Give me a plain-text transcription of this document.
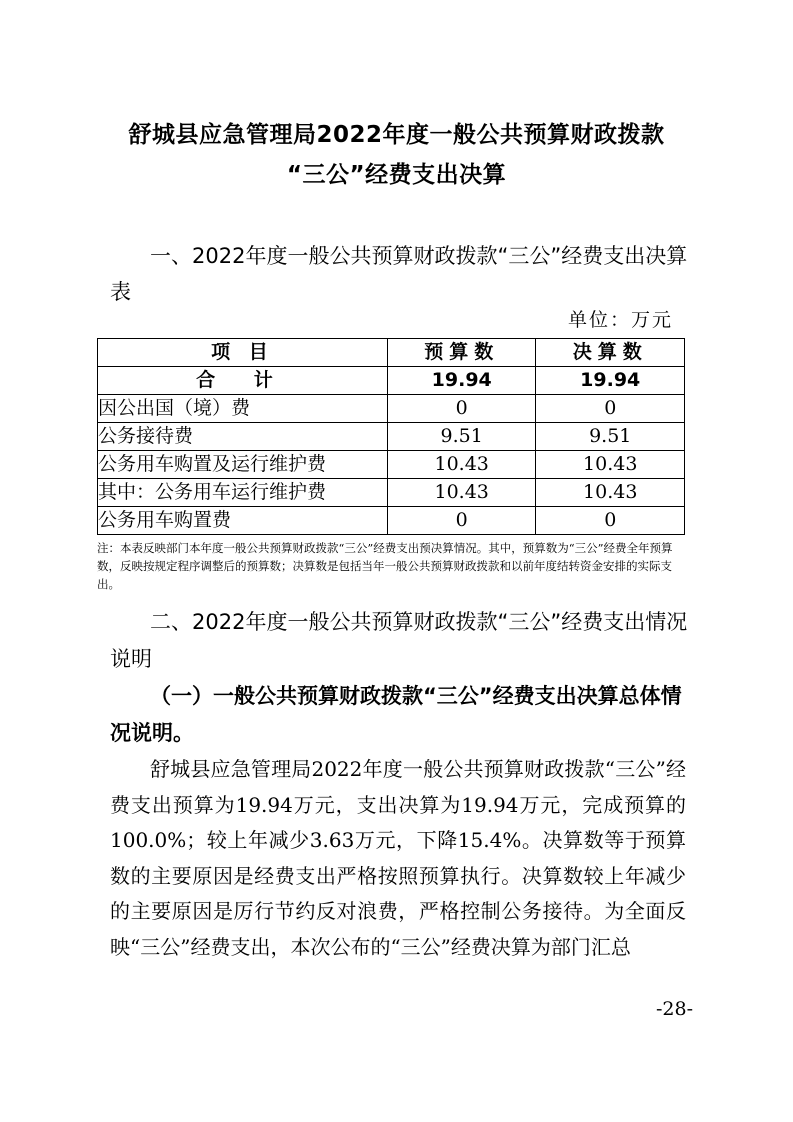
舒城县应急管理局2022年度一般公共预算财政拨款
“三公”经费支出决算
一、2022年度一般公共预算财政拨款“三公”经费支出决算
表
单位：万元
项 目	预算数	决算数
合 计	19.94	19.94
因公出国（境）费	0	0
公务接待费	9.51	9.51
公务用车购置及运行维护费	10.43	10.43
其中：公务用车运行维护费	10.43	10.43
公务用车购置费	0	0
注：本表反映部门本年度一般公共预算财政拨款“三公”经费支出预决算情况。其中，预算数为“三公”经费全年预算数，反映按规定程序调整后的预算数；决算数是包括当年一般公共预算财政拨款和以前年度结转资金安排的实际支出。
二、2022年度一般公共预算财政拨款“三公”经费支出情况
说明
（一）一般公共预算财政拨款“三公”经费支出决算总体情
况说明。
舒城县应急管理局2022年度一般公共预算财政拨款“三公”经费支出预算为19.94万元，支出决算为19.94万元，完成预算的100.0%；较上年减少3.63万元，下降15.4%。决算数等于预算数的主要原因是经费支出严格按照预算执行。决算数较上年减少的主要原因是厉行节约反对浪费，严格控制公务接待。为全面反映“三公”经费支出，本次公布的“三公”经费决算为部门汇总
-28-
